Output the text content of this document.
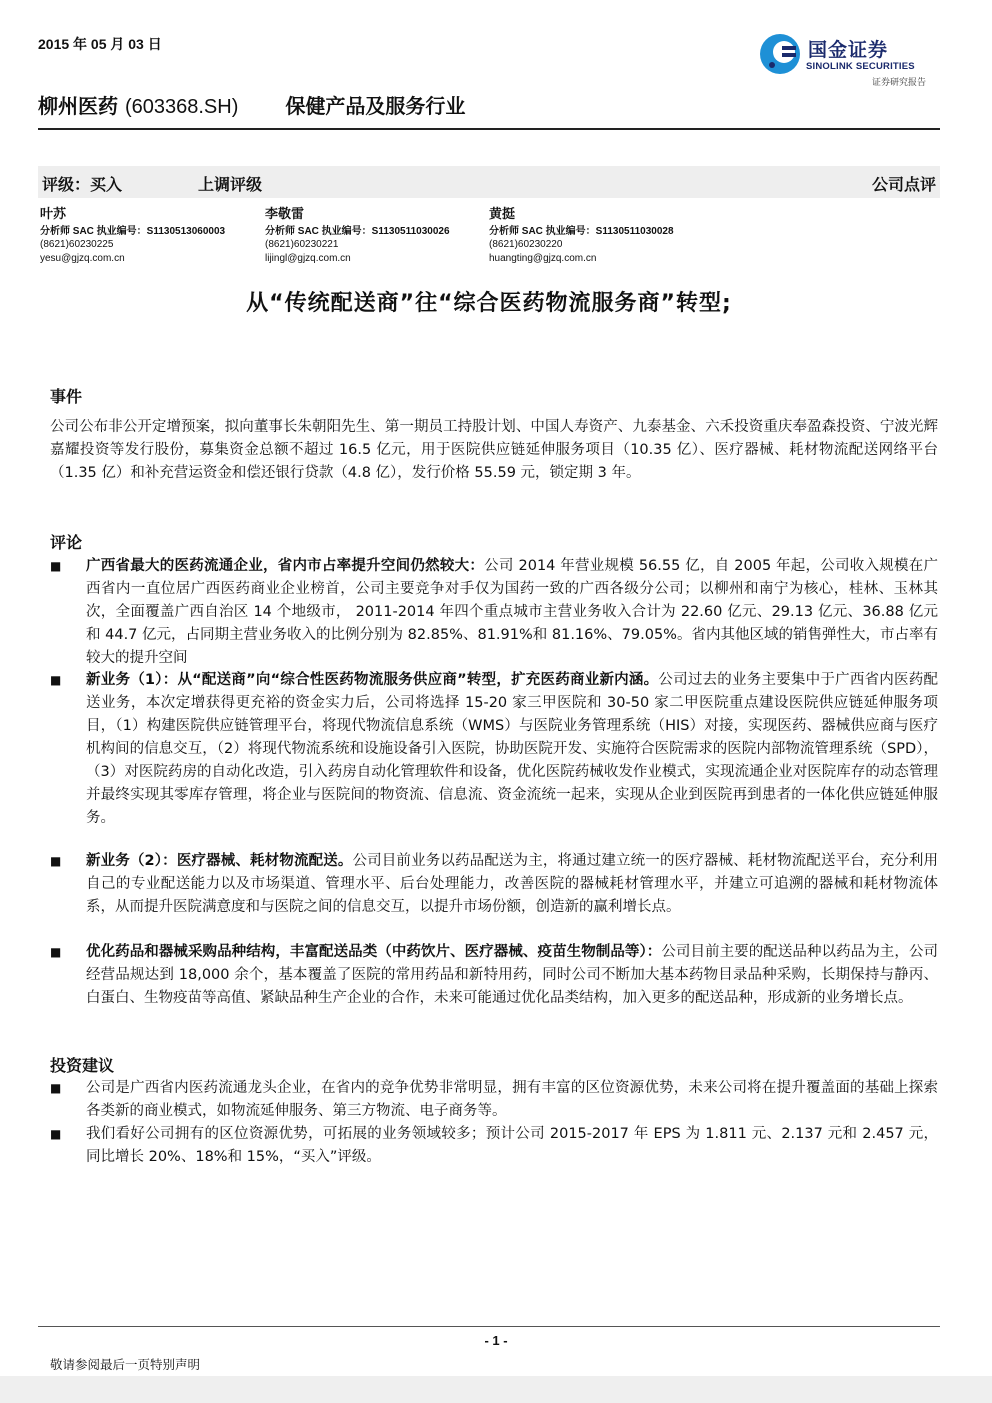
2015 年 05 月 03 日	国金证券
SINOLINK SECURITIES
证券研究报告
柳州医药 (603368.SH) 保健产品及服务行业
评级：买入	上调评级	公司点评
叶苏
分析师 SAC 执业编号：S1130513060003
(8621)60230225
yesu@gjzq.com.cn
李敬雷
分析师 SAC 执业编号：S1130511030026
(8621)60230221
lijingl@gjzq.com.cn
黄挺
分析师 SAC 执业编号：S1130511030028
(8621)60230220
huangting@gjzq.com.cn
从“传统配送商”往“综合医药物流服务商”转型;
事件
公司公布非公开定增预案，拟向董事长朱朝阳先生、第一期员工持股计划、中国人寿资产、九泰基金、六禾投资重庆奉盈森投资、宁波光辉嘉耀投资等发行股份，募集资金总额不超过 16.5 亿元，用于医院供应链延伸服务项目（10.35 亿）、医疗器械、耗材物流配送网络平台（1.35 亿）和补充营运资金和偿还银行贷款（4.8 亿），发行价格 55.59 元，锁定期 3 年。
评论
■ 广西省最大的医药流通企业，省内市占率提升空间仍然较大：公司 2014 年营业规模 56.55 亿，自 2005 年起，公司收入规模在广西省内一直位居广西医药商业企业榜首，公司主要竞争对手仅为国药一致的广西各级分公司；以柳州和南宁为核心，桂林、玉林其次，全面覆盖广西自治区 14 个地级市， 2011-2014 年四个重点城市主营业务收入合计为 22.60 亿元、29.13 亿元、36.88 亿元和 44.7 亿元，占同期主营业务收入的比例分别为 82.85%、81.91%和 81.16%、79.05%。省内其他区域的销售弹性大，市占率有较大的提升空间
■ 新业务（1）：从“配送商”向“综合性医药物流服务供应商”转型，扩充医药商业新内涵。公司过去的业务主要集中于广西省内医药配送业务，本次定增获得更充裕的资金实力后，公司将选择 15-20 家三甲医院和 30-50 家二甲医院重点建设医院供应链延伸服务项目，（1）构建医院供应链管理平台，将现代物流信息系统（WMS）与医院业务管理系统（HIS）对接，实现医药、器械供应商与医疗机构间的信息交互，（2）将现代物流系统和设施设备引入医院，协助医院开发、实施符合医院需求的医院内部物流管理系统（SPD），（3）对医院药房的自动化改造，引入药房自动化管理软件和设备，优化医院药械收发作业模式，实现流通企业对医院库存的动态管理并最终实现其零库存管理，将企业与医院间的物资流、信息流、资金流统一起来，实现从企业到医院再到患者的一体化供应链延伸服务。
■ 新业务（2）：医疗器械、耗材物流配送。公司目前业务以药品配送为主，将通过建立统一的医疗器械、耗材物流配送平台，充分利用自己的专业配送能力以及市场渠道、管理水平、后台处理能力，改善医院的器械耗材管理水平，并建立可追溯的器械和耗材物流体系，从而提升医院满意度和与医院之间的信息交互，以提升市场份额，创造新的赢利增长点。
■ 优化药品和器械采购品种结构，丰富配送品类（中药饮片、医疗器械、疫苗生物制品等）：公司目前主要的配送品种以药品为主，公司经营品规达到 18,000 余个，基本覆盖了医院的常用药品和新特用药，同时公司不断加大基本药物目录品种采购，长期保持与静丙、白蛋白、生物疫苗等高值、紧缺品种生产企业的合作，未来可能通过优化品类结构，加入更多的配送品种，形成新的业务增长点。
投资建议
■ 公司是广西省内医药流通龙头企业，在省内的竞争优势非常明显，拥有丰富的区位资源优势，未来公司将在提升覆盖面的基础上探索各类新的商业模式，如物流延伸服务、第三方物流、电子商务等。
■ 我们看好公司拥有的区位资源优势，可拓展的业务领域较多；预计公司 2015-2017 年 EPS 为 1.811 元、2.137 元和 2.457 元，同比增长 20%、18%和 15%，“买入”评级。
- 1 -
敬请参阅最后一页特别声明
